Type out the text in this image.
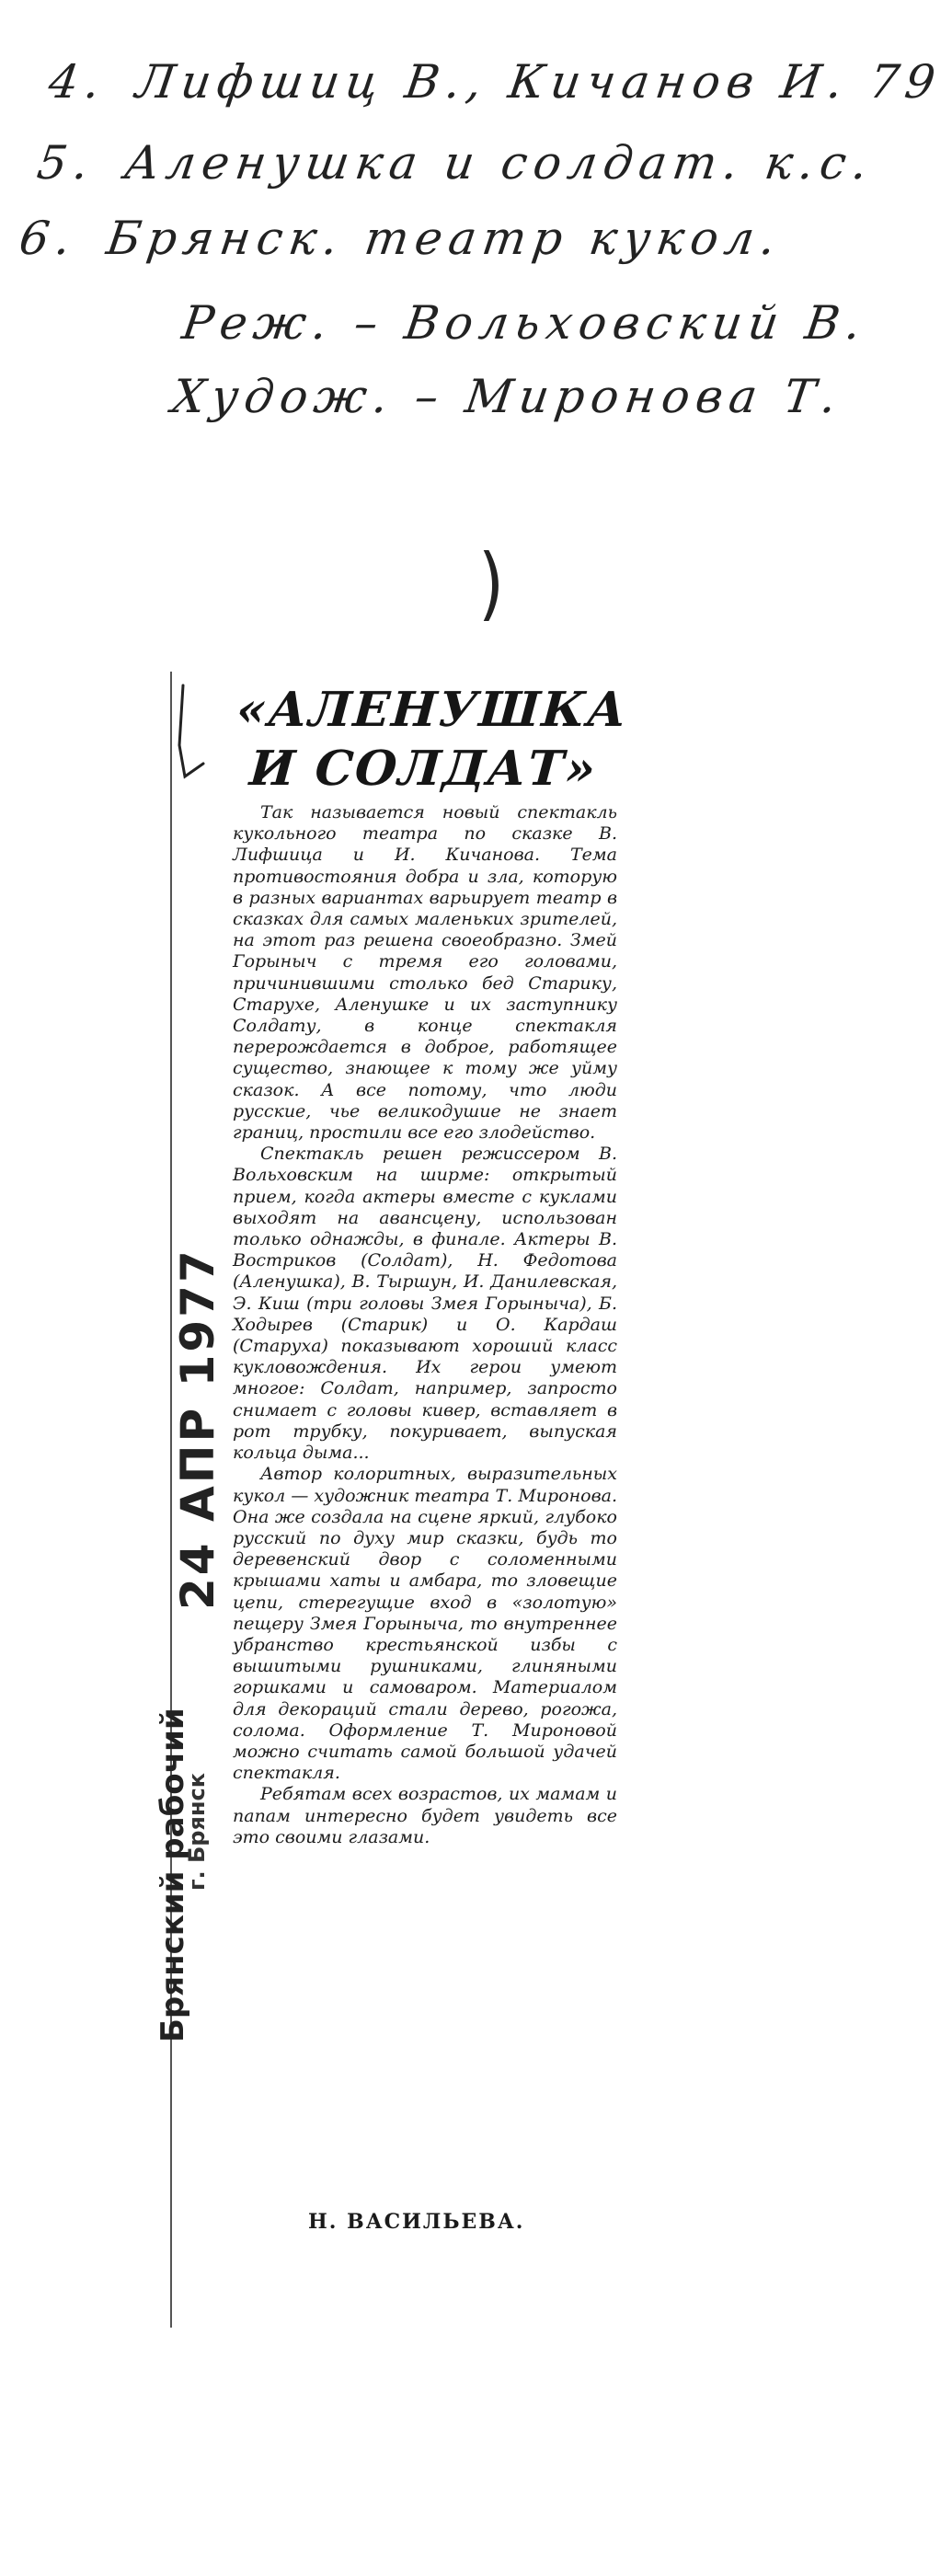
4. Лифшиц В., Кичанов И. 79
5. Аленушка и солдат. к.с.
6. Брянск. театр кукол.
Реж. – Вольховский В.
Худож. – Миронова Т.
)
«АЛЕНУШКА
И СОЛДАТ»

Так называется новый спектакль кукольного театра по сказке В. Лифшица и И. Кичанова. Тема противостояния добра и зла, которую в разных вариантах варьирует театр в сказках для самых маленьких зрителей, на этот раз решена своеобразно. Змей Горыныч с тремя его головами, причинившими столько бед Старику, Старухе, Аленушке и их заступнику Солдату, в конце спектакля перерождается в доброе, работящее существо, знающее к тому же уйму сказок. А все потому, что люди русские, чье великодушие не знает границ, простили все его злодейство.

Спектакль решен режиссером В. Вольховским на ширме: открытый прием, когда актеры вместе с куклами выходят на авансцену, использован только однажды, в финале. Актеры В. Востриков (Солдат), Н. Федотова (Аленушка), В. Тыршун, И. Данилевская, Э. Киш (три головы Змея Горыныча), Б. Ходырев (Старик) и О. Кардаш (Старуха) показывают хороший класс кукловождения. Их герои умеют многое: Солдат, например, запросто снимает с головы кивер, вставляет в рот трубку, покуривает, выпуская кольца дыма...

Автор колоритных, выразительных кукол — художник театра Т. Миронова. Она же создала на сцене яркий, глубоко русский по духу мир сказки, будь то деревенский двор с соломенными крышами хаты и амбара, то зловещие цепи, стерегущие вход в «золотую» пещеру Змея Горыныча, то внутреннее убранство крестьянской избы с вышитыми рушниками, глиняными горшками и самоваром. Материалом для декораций стали дерево, рогожа, солома. Оформление Т. Мироновой можно считать самой большой удачей спектакля.

Ребятам всех возрастов, их мамам и папам интересно будет увидеть все это своими глазами.

Н. ВАСИЛЬЕВА.
24 АПР 1977
Брянский рабочий
г. Брянск
